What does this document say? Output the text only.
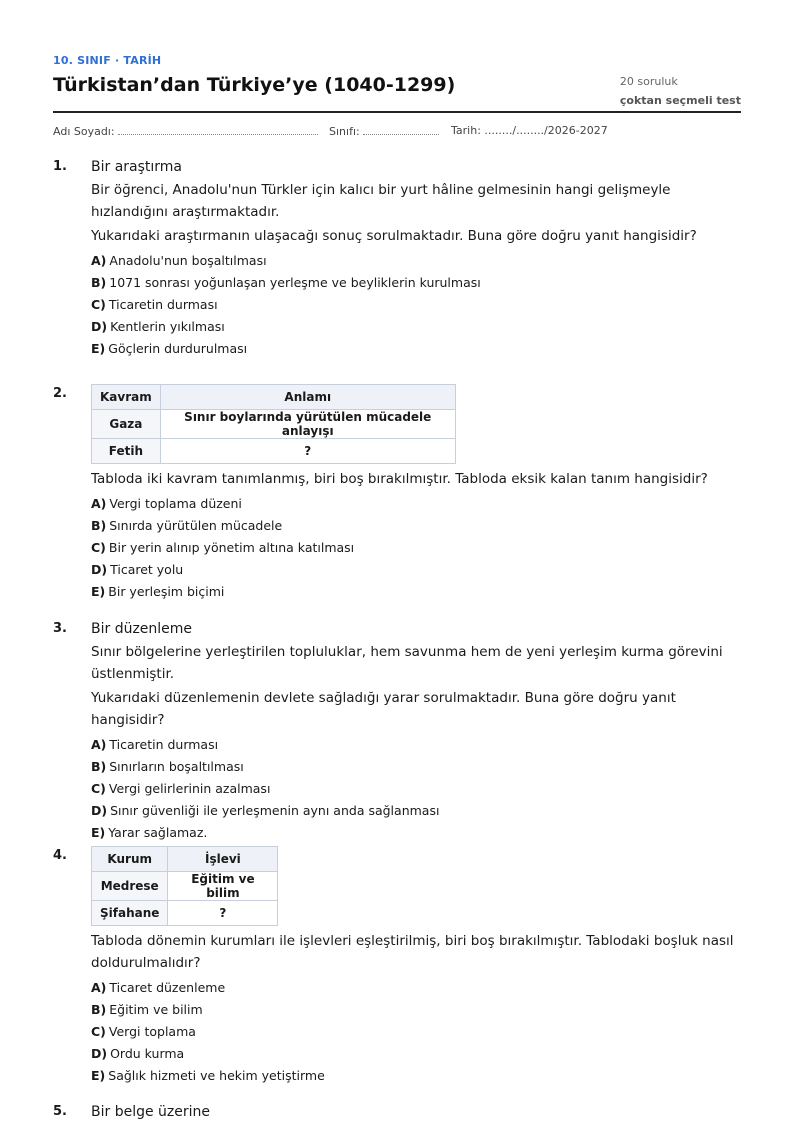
10. SINIF · TARİH
Türkistan’dan Türkiye’ye (1040-1299)	20 soruluk
çoktan seçmeli test
Adı Soyadı:	Sınıfı:	Tarih: ......../......../2026-2027
1. Bir araştırma
Bir öğrenci, Anadolu'nun Türkler için kalıcı bir yurt hâline gelmesinin hangi gelişmeyle hızlandığını araştırmaktadır.
Yukarıdaki araştırmanın ulaşacağı sonuç sorulmaktadır. Buna göre doğru yanıt hangisidir?
A) Anadolu'nun boşaltılması
B) 1071 sonrası yoğunlaşan yerleşme ve beyliklerin kurulması
C) Ticaretin durması
D) Kentlerin yıkılması
E) Göçlerin durdurulması
2.	Kavram	Anlamı
Gaza	Sınır boylarında yürütülen mücadele anlayışı
Fetih	?
Tabloda iki kavram tanımlanmış, biri boş bırakılmıştır. Tabloda eksik kalan tanım hangisidir?
A) Vergi toplama düzeni
B) Sınırda yürütülen mücadele
C) Bir yerin alınıp yönetim altına katılması
D) Ticaret yolu
E) Bir yerleşim biçimi
3. Bir düzenleme
Sınır bölgelerine yerleştirilen topluluklar, hem savunma hem de yeni yerleşim kurma görevini üstlenmiştir.
Yukarıdaki düzenlemenin devlete sağladığı yarar sorulmaktadır. Buna göre doğru yanıt hangisidir?
A) Ticaretin durması
B) Sınırların boşaltılması
C) Vergi gelirlerinin azalması
D) Sınır güvenliği ile yerleşmenin aynı anda sağlanması
E) Yarar sağlamaz.
4.	Kurum	İşlevi
Medrese	Eğitim ve bilim
Şifahane	?
Tabloda dönemin kurumları ile işlevleri eşleştirilmiş, biri boş bırakılmıştır. Tablodaki boşluk nasıl doldurulmalıdır?
A) Ticaret düzenleme
B) Eğitim ve bilim
C) Vergi toplama
D) Ordu kurma
E) Sağlık hizmeti ve hekim yetiştirme
5. Bir belge üzerine
